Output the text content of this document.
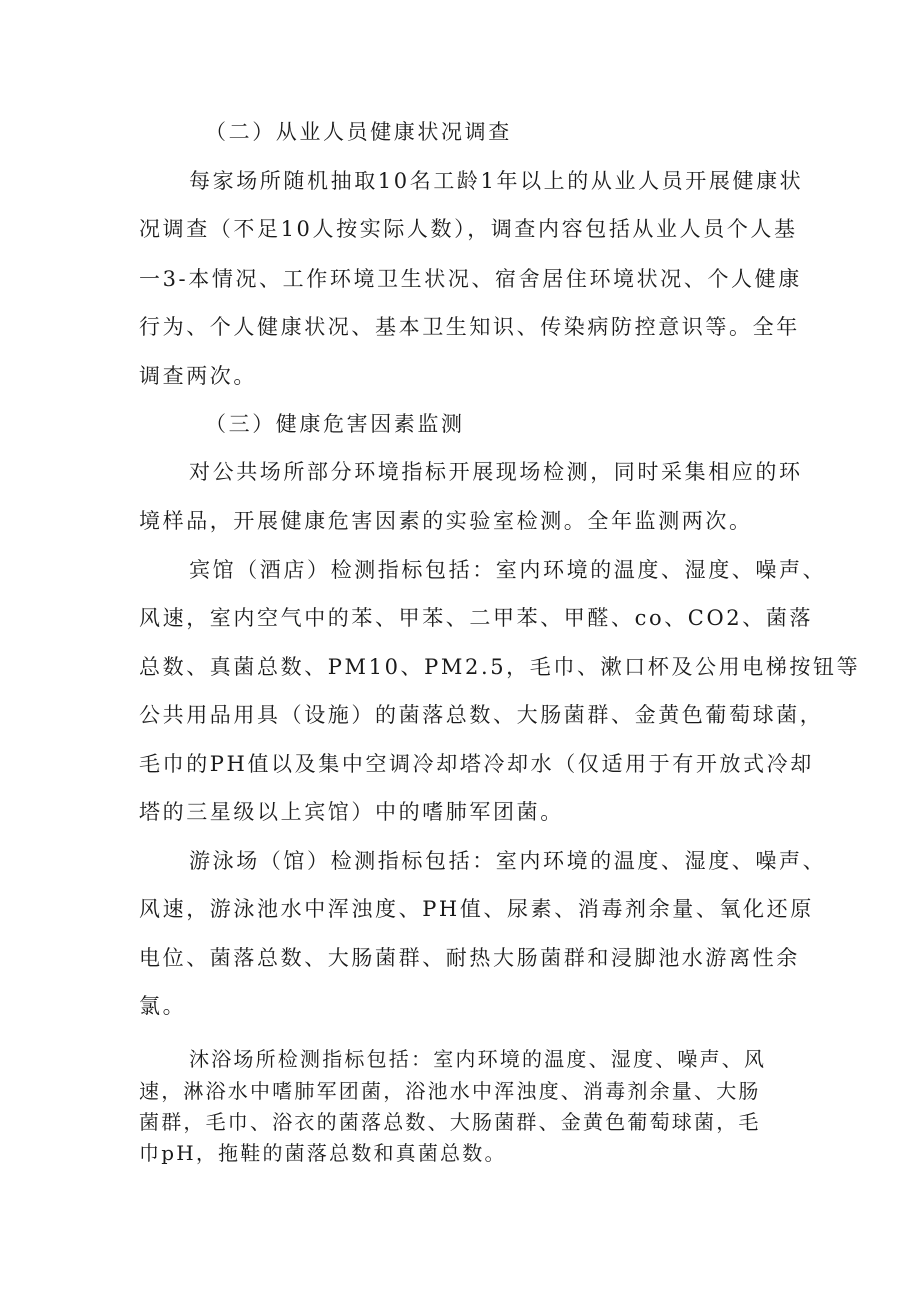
（二）从业人员健康状况调查
每家场所随机抽取10名工龄1年以上的从业人员开展健康状
况调查（不足10人按实际人数），调查内容包括从业人员个人基
一3-本情况、工作环境卫生状况、宿舍居住环境状况、个人健康
行为、个人健康状况、基本卫生知识、传染病防控意识等。全年
调查两次。
（三）健康危害因素监测
对公共场所部分环境指标开展现场检测，同时采集相应的环
境样品，开展健康危害因素的实验室检测。全年监测两次。
宾馆（酒店）检测指标包括：室内环境的温度、湿度、噪声、
风速，室内空气中的苯、甲苯、二甲苯、甲醛、co、CO2、菌落
总数、真菌总数、PM10、PM2.5，毛巾、漱口杯及公用电梯按钮等
公共用品用具（设施）的菌落总数、大肠菌群、金黄色葡萄球菌，
毛巾的PH值以及集中空调冷却塔冷却水（仅适用于有开放式冷却
塔的三星级以上宾馆）中的嗜肺军团菌。
游泳场（馆）检测指标包括：室内环境的温度、湿度、噪声、
风速，游泳池水中浑浊度、PH值、尿素、消毒剂余量、氧化还原
电位、菌落总数、大肠菌群、耐热大肠菌群和浸脚池水游离性余
氯。
沐浴场所检测指标包括：室内环境的温度、湿度、噪声、风
速，淋浴水中嗜肺军团菌，浴池水中浑浊度、消毒剂余量、大肠
菌群，毛巾、浴衣的菌落总数、大肠菌群、金黄色葡萄球菌，毛
巾pH，拖鞋的菌落总数和真菌总数。
